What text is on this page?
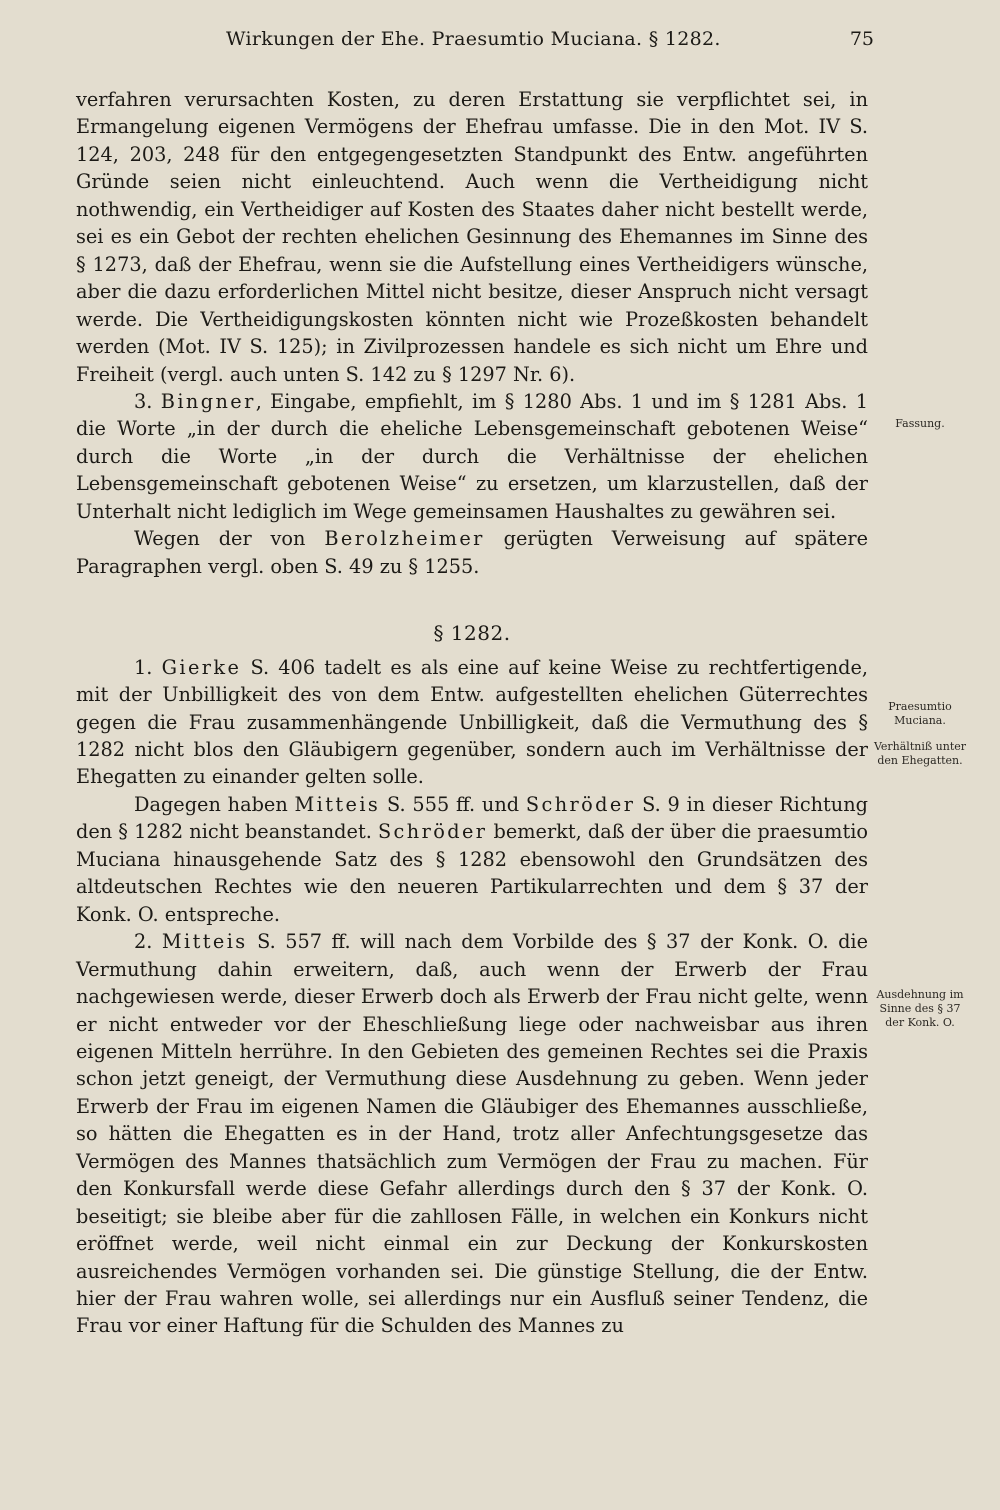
Wirkungen der Ehe. Praesumtio Muciana. § 1282.	75

verfahren verursachten Kosten, zu deren Erstattung sie verpflichtet sei, in Ermangelung eigenen Vermögens der Ehefrau umfasse. Die in den Mot. IV S. 124, 203, 248 für den entgegengesetzten Standpunkt des Entw. angeführten Gründe seien nicht einleuchtend. Auch wenn die Vertheidigung nicht nothwendig, ein Vertheidiger auf Kosten des Staates daher nicht bestellt werde, sei es ein Gebot der rechten ehelichen Gesinnung des Ehemannes im Sinne des § 1273, daß der Ehefrau, wenn sie die Aufstellung eines Vertheidigers wünsche, aber die dazu erforderlichen Mittel nicht besitze, dieser Anspruch nicht versagt werde. Die Vertheidigungskosten könnten nicht wie Prozeßkosten behandelt werden (Mot. IV S. 125); in Zivilprozessen handele es sich nicht um Ehre und Freiheit (vergl. auch unten S. 142 zu § 1297 Nr. 6).

3. Bingner, Eingabe, empfiehlt, im § 1280 Abs. 1 und im § 1281 Abs. 1 die Worte „in der durch die eheliche Lebensgemeinschaft gebotenen Weise“ durch die Worte „in der durch die Verhältnisse der ehelichen Lebensgemeinschaft gebotenen Weise“ zu ersetzen, um klarzustellen, daß der Unterhalt nicht lediglich im Wege gemeinsamen Haushaltes zu gewähren sei.

Wegen der von Berolzheimer gerügten Verweisung auf spätere Paragraphen vergl. oben S. 49 zu § 1255.

§ 1282.

1. Gierke S. 406 tadelt es als eine auf keine Weise zu rechtfertigende, mit der Unbilligkeit des von dem Entw. aufgestellten ehelichen Güterrechtes gegen die Frau zusammenhängende Unbilligkeit, daß die Vermuthung des § 1282 nicht blos den Gläubigern gegenüber, sondern auch im Verhältnisse der Ehegatten zu einander gelten solle.

Dagegen haben Mitteis S. 555 ff. und Schröder S. 9 in dieser Richtung den § 1282 nicht beanstandet. Schröder bemerkt, daß der über die praesumtio Muciana hinausgehende Satz des § 1282 ebensowohl den Grundsätzen des altdeutschen Rechtes wie den neueren Partikularrechten und dem § 37 der Konk. O. entspreche.

2. Mitteis S. 557 ff. will nach dem Vorbilde des § 37 der Konk. O. die Vermuthung dahin erweitern, daß, auch wenn der Erwerb der Frau nachgewiesen werde, dieser Erwerb doch als Erwerb der Frau nicht gelte, wenn er nicht entweder vor der Eheschließung liege oder nachweisbar aus ihren eigenen Mitteln herrühre. In den Gebieten des gemeinen Rechtes sei die Praxis schon jetzt geneigt, der Vermuthung diese Ausdehnung zu geben. Wenn jeder Erwerb der Frau im eigenen Namen die Gläubiger des Ehemannes ausschließe, so hätten die Ehegatten es in der Hand, trotz aller Anfechtungsgesetze das Vermögen des Mannes thatsächlich zum Vermögen der Frau zu machen. Für den Konkursfall werde diese Gefahr allerdings durch den § 37 der Konk. O. beseitigt; sie bleibe aber für die zahllosen Fälle, in welchen ein Konkurs nicht eröffnet werde, weil nicht einmal ein zur Deckung der Konkurskosten ausreichendes Vermögen vorhanden sei. Die günstige Stellung, die der Entw. hier der Frau wahren wolle, sei allerdings nur ein Ausfluß seiner Tendenz, die Frau vor einer Haftung für die Schulden des Mannes zu

Fassung.
Praesumtio Muciana.
Verhältniß unter den Ehegatten.
Ausdehnung im Sinne des § 37 der Konk. O.
